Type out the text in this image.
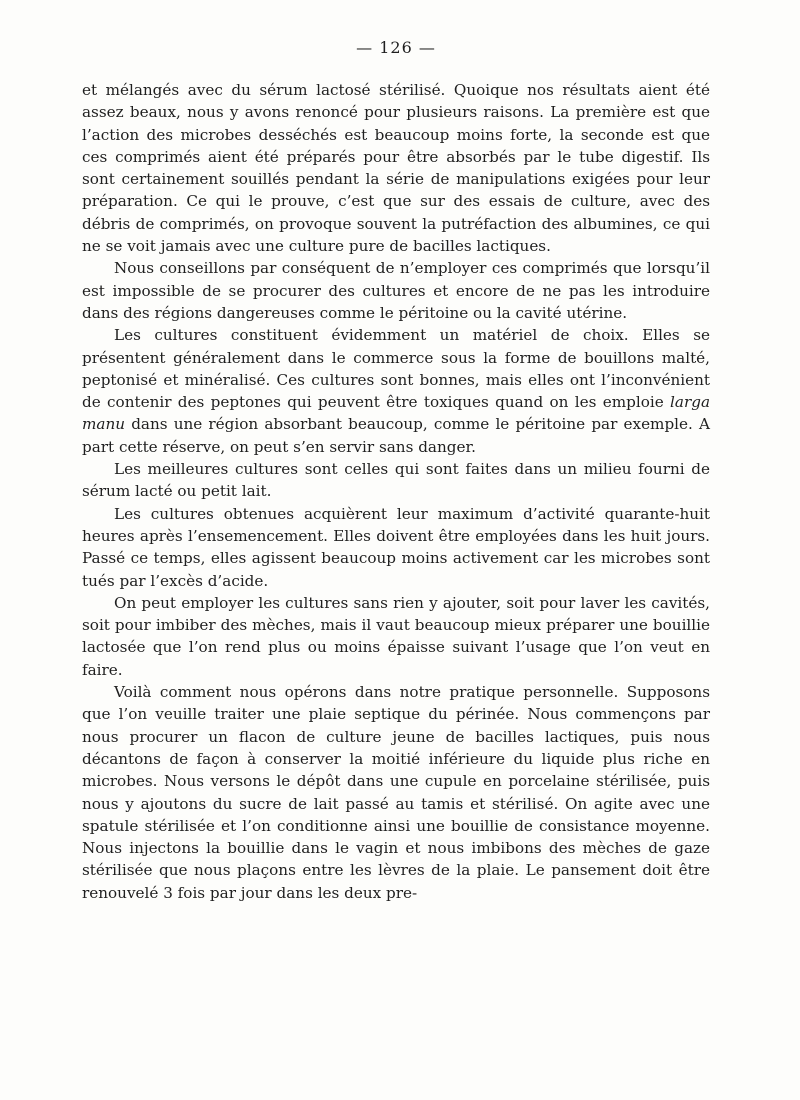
— 126 —

et mélangés avec du sérum lactosé stérilisé. Quoique nos résultats aient été assez beaux, nous y avons renoncé pour plusieurs raisons. La première est que l’action des microbes desséchés est beaucoup moins forte, la seconde est que ces comprimés aient été préparés pour être absorbés par le tube digestif. Ils sont certainement souillés pendant la série de manipulations exigées pour leur préparation. Ce qui le prouve, c’est que sur des essais de culture, avec des débris de comprimés, on provoque souvent la putréfaction des albumines, ce qui ne se voit jamais avec une culture pure de bacilles lactiques.

Nous conseillons par conséquent de n’employer ces comprimés que lorsqu’il est impossible de se procurer des cultures et encore de ne pas les introduire dans des régions dangereuses comme le péritoine ou la cavité utérine.

Les cultures constituent évidemment un matériel de choix. Elles se présentent généralement dans le commerce sous la forme de bouillons malté, peptonisé et minéralisé. Ces cultures sont bonnes, mais elles ont l’inconvénient de contenir des peptones qui peuvent être toxiques quand on les emploie larga manu dans une région absorbant beaucoup, comme le péritoine par exemple. A part cette réserve, on peut s’en servir sans danger.

Les meilleures cultures sont celles qui sont faites dans un milieu fourni de sérum lacté ou petit lait.

Les cultures obtenues acquièrent leur maximum d’activité quarante-huit heures après l’ensemencement. Elles doivent être employées dans les huit jours. Passé ce temps, elles agissent beaucoup moins activement car les microbes sont tués par l’excès d’acide.

On peut employer les cultures sans rien y ajouter, soit pour laver les cavités, soit pour imbiber des mèches, mais il vaut beaucoup mieux préparer une bouillie lactosée que l’on rend plus ou moins épaisse suivant l’usage que l’on veut en faire.

Voilà comment nous opérons dans notre pratique personnelle. Supposons que l’on veuille traiter une plaie septique du périnée. Nous commençons par nous procurer un flacon de culture jeune de bacilles lactiques, puis nous décantons de façon à conserver la moitié inférieure du liquide plus riche en microbes. Nous versons le dépôt dans une cupule en porcelaine stérilisée, puis nous y ajoutons du sucre de lait passé au tamis et stérilisé. On agite avec une spatule stérilisée et l’on conditionne ainsi une bouillie de consistance moyenne. Nous injectons la bouillie dans le vagin et nous imbibons des mèches de gaze stérilisée que nous plaçons entre les lèvres de la plaie. Le pansement doit être renouvelé 3 fois par jour dans les deux pre-
